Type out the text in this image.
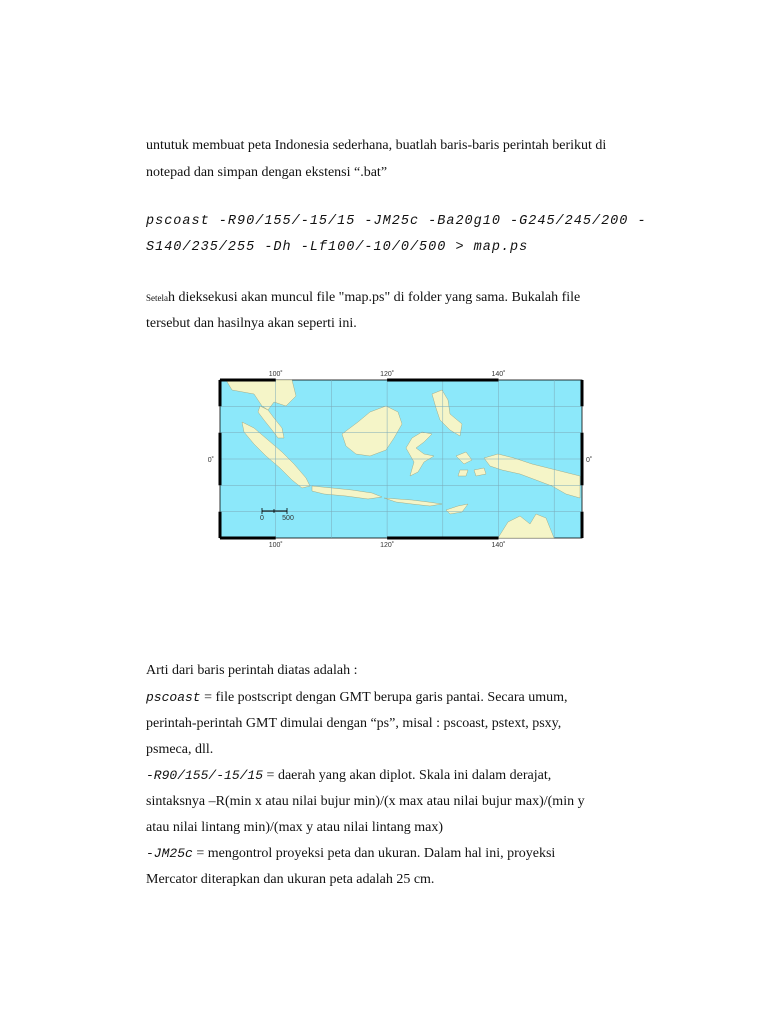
untutuk membuat peta Indonesia sederhana, buatlah baris-baris perintah berikut di
notepad dan simpan dengan ekstensi “.bat”
pscoast -R90/155/-15/15 -JM25c -Ba20g10 -G245/245/200 -
S140/235/255 -Dh -Lf100/-10/0/500 > map.ps
Setelah dieksekusi akan muncul file "map.ps" di folder yang sama. Bukalah file
tersebut dan hasilnya akan seperti ini.
100˚	120˚	140˚
100˚	120˚	140˚
0˚	0˚
0	500
Arti dari baris perintah diatas adalah :
pscoast = file postscript dengan GMT berupa garis pantai. Secara umum,
perintah-perintah GMT dimulai dengan “ps”, misal : pscoast, pstext, psxy,
psmeca, dll.
-R90/155/-15/15 = daerah yang akan diplot. Skala ini dalam derajat,
sintaksnya –R(min x atau nilai bujur min)/(x max atau nilai bujur max)/(min y
atau nilai lintang min)/(max y atau nilai lintang max)
-JM25c = mengontrol proyeksi peta dan ukuran. Dalam hal ini, proyeksi
Mercator diterapkan dan ukuran peta adalah 25 cm.
